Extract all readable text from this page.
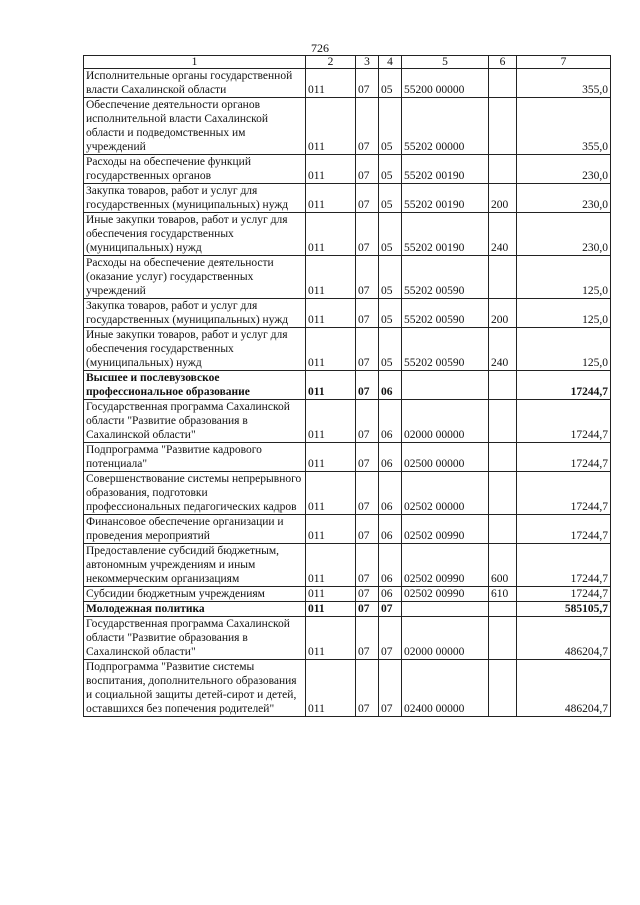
726
1	2	3	4	5	6	7
Исполнительные органы государственной власти Сахалинской области	011	07	05	55200 00000		355,0
Обеспечение деятельности органов исполнительной власти Сахалинской области и подведомственных им учреждений	011	07	05	55202 00000		355,0
Расходы на обеспечение функций государственных органов	011	07	05	55202 00190		230,0
Закупка товаров, работ и услуг для государственных (муниципальных) нужд	011	07	05	55202 00190	200	230,0
Иные закупки товаров, работ и услуг для обеспечения государственных (муниципальных) нужд	011	07	05	55202 00190	240	230,0
Расходы на обеспечение деятельности (оказание услуг) государственных учреждений	011	07	05	55202 00590		125,0
Закупка товаров, работ и услуг для государственных (муниципальных) нужд	011	07	05	55202 00590	200	125,0
Иные закупки товаров, работ и услуг для обеспечения государственных (муниципальных) нужд	011	07	05	55202 00590	240	125,0
Высшее и послевузовское профессиональное образование	011	07	06			17244,7
Государственная программа Сахалинской области "Развитие образования в Сахалинской области"	011	07	06	02000 00000		17244,7
Подпрограмма "Развитие кадрового потенциала"	011	07	06	02500 00000		17244,7
Совершенствование системы непрерывного образования, подготовки профессиональных педагогических кадров	011	07	06	02502 00000		17244,7
Финансовое обеспечение организации и проведения мероприятий	011	07	06	02502 00990		17244,7
Предоставление субсидий бюджетным, автономным учреждениям и иным некоммерческим организациям	011	07	06	02502 00990	600	17244,7
Субсидии бюджетным учреждениям	011	07	06	02502 00990	610	17244,7
Молодежная политика	011	07	07			585105,7
Государственная программа Сахалинской области "Развитие образования в Сахалинской области"	011	07	07	02000 00000		486204,7
Подпрограмма "Развитие системы воспитания, дополнительного образования и социальной защиты детей-сирот и детей, оставшихся без попечения родителей"	011	07	07	02400 00000		486204,7
